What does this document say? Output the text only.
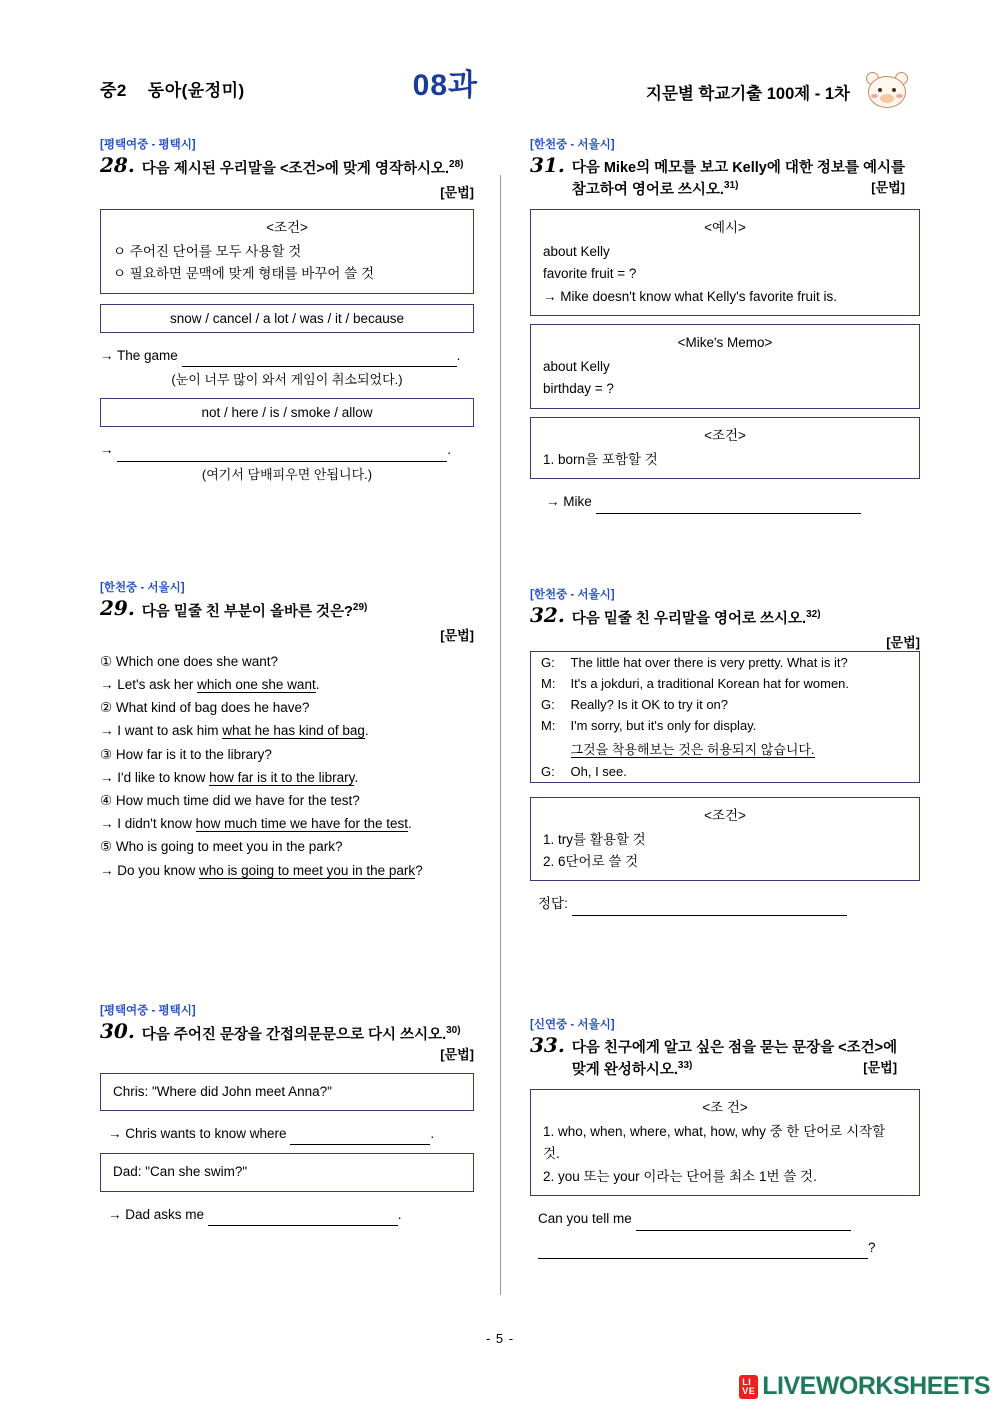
중2    동아(윤정미)	08과	지문별 학교기출 100제 - 1차
[평택여중 - 평택시]
28. 다음 제시된 우리말을 <조건>에 맞게 영작하시오.$^{28)}$
[문법]
<조건>
ㅇ 주어진 단어를 모두 사용할 것
ㅇ 필요하면 문맥에 맞게 형태를 바꾸어 쓸 것
snow / cancel / a lot / was / it / because
→ The game	.
(눈이 너무 많이 와서 게임이 취소되었다.)
not / here / is / smoke / allow
→	.
(여기서 담배피우면 안됩니다.)
[한천중 - 서울시]
29. 다음 밑줄 친 부분이 올바른 것은?$^{29)}$
[문법]
① Which one does she want?
→ Let's ask her which one she want.
② What kind of bag does he have?
→ I want to ask him what he has kind of bag.
③ How far is it to the library?
→ I'd like to know how far is it to the library.
④ How much time did we have for the test?
→ I didn't know how much time we have for the test.
⑤ Who is going to meet you in the park?
→ Do you know who is going to meet you in the park?
[평택여중 - 평택시]
30. 다음 주어진 문장을 간접의문문으로 다시 쓰시오.$^{30)}$
[문법]
Chris: "Where did John meet Anna?"
→ Chris wants to know where	.
Dad: "Can she swim?"
→ Dad asks me	.
[한천중 - 서울시]
31. 다음 Mike의 메모를 보고 Kelly에 대한 정보를 예시를
참고하여 영어로 쓰시오.$^{31)}$	[문법]
<예시>
about Kelly
favorite fruit = ?
→ Mike doesn't know what Kelly's favorite fruit is.
<Mike's Memo>
about Kelly
birthday = ?
<조건>
1. born을 포함할 것
→ Mike
[한천중 - 서울시]
32. 다음 밑줄 친 우리말을 영어로 쓰시오.$^{32)}$
[문법]
G:	The little hat over there is very pretty. What is it?
M:	It's a jokduri, a traditional Korean hat for women.
G:	Really? Is it OK to try it on?
M:	I'm sorry, but it's only for display.
	그것을 착용해보는 것은 허용되지 않습니다.
G:	Oh, I see.
<조건>
1. try를 활용할 것
2. 6단어로 쓸 것
정답:
[신연중 - 서울시]
33. 다음 친구에게 알고 싶은 점을 묻는 문장을 <조건>에
맞게 완성하시오.$^{33)}$	[문법]
<조 건>
1. who, when, where, what, how, why 중 한 단어로 시작할
것.
2. you 또는 your 이라는 단어를 최소 1번 쓸 것.
Can you tell me
?
- 5 -
LI
VE LIVEWORKSHEETS
